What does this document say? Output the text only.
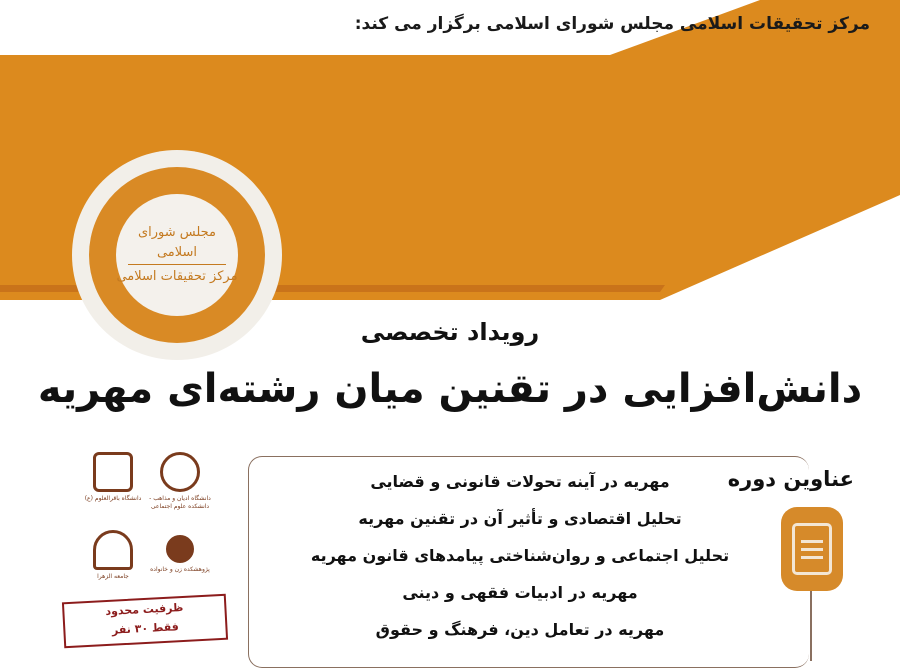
مرکز تحقیقات اسلامی مجلس شورای اسلامی برگزار می کند:
مجلس شورای اسلامی
مرکز تحقیقات اسلامی
رویداد تخصصی
دانش‌افزایی در تقنین میان رشته‌ای مهریه
عناوین دوره
مهریه در آینه تحولات قانونی و قضایی
تحلیل اقتصادی و تأثیر آن در تقنین مهریه
تحلیل اجتماعی و روان‌شناختی پیامدهای قانون مهریه
مهریه در ادبیات فقهی و دینی
مهریه در تعامل دین، فرهنگ و حقوق
دانشگاه ادیان و مذاهب - دانشکده علوم اجتماعی
دانشگاه باقرالعلوم (ع)
پژوهشکده زن و خانواده
جامعه الزهرا
ظرفیت محدود
فقط ۳۰ نفر
